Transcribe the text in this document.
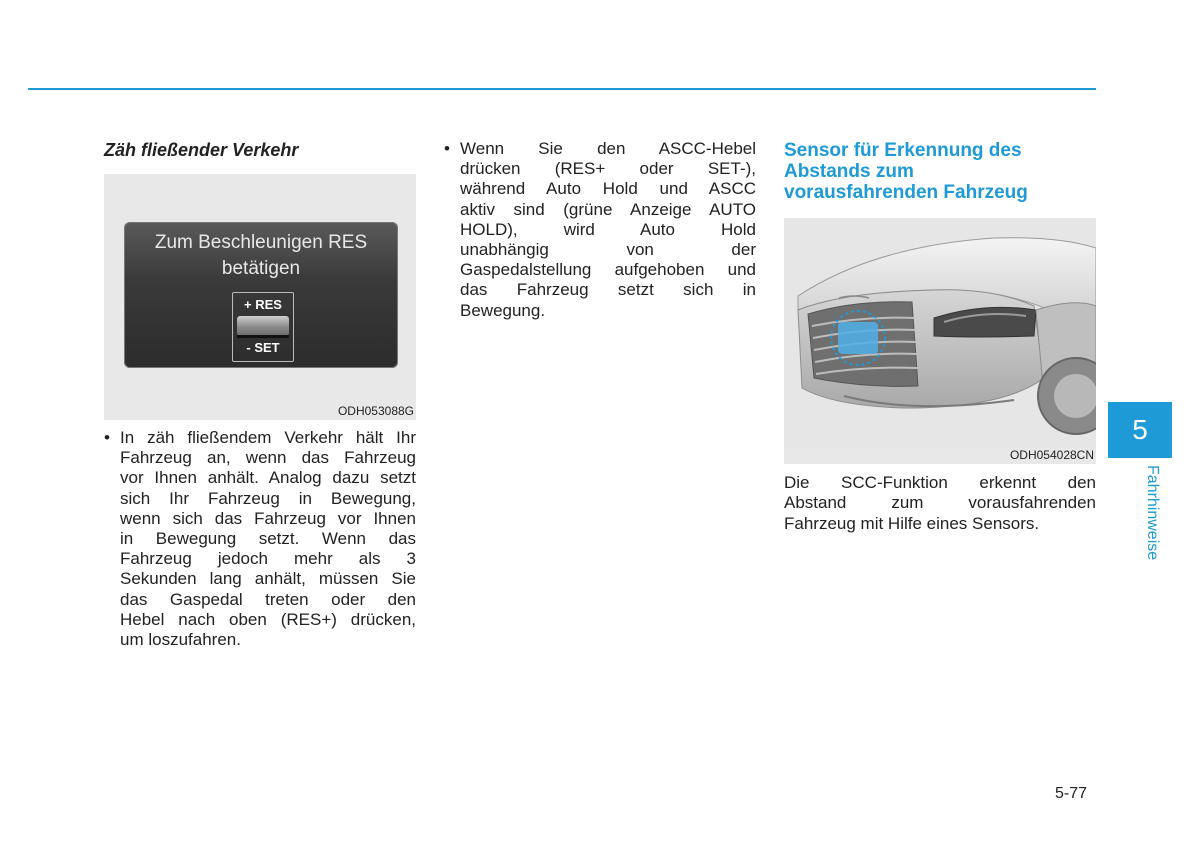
Zäh fließender Verkehr
Zum Beschleunigen RES
betätigen
+ RES
- SET
ODH053088G
• In zäh fließendem Verkehr hält Ihr
Fahrzeug an, wenn das Fahrzeug
vor Ihnen anhält. Analog dazu setzt
sich Ihr Fahrzeug in Bewegung,
wenn sich das Fahrzeug vor Ihnen
in Bewegung setzt. Wenn das
Fahrzeug jedoch mehr als 3
Sekunden lang anhält, müssen Sie
das Gaspedal treten oder den
Hebel nach oben (RES+) drücken,
um loszufahren.
• Wenn Sie den ASCC-Hebel
drücken (RES+ oder SET-),
während Auto Hold und ASCC
aktiv sind (grüne Anzeige AUTO
HOLD), wird Auto Hold
unabhängig von der
Gaspedalstellung aufgehoben und
das Fahrzeug setzt sich in
Bewegung.
Sensor für Erkennung des
Abstands zum
vorausfahrenden Fahrzeug
ODH054028CN
Die SCC-Funktion erkennt den
Abstand zum vorausfahrenden
Fahrzeug mit Hilfe eines Sensors.
5
Fahrhinweise
5-77
